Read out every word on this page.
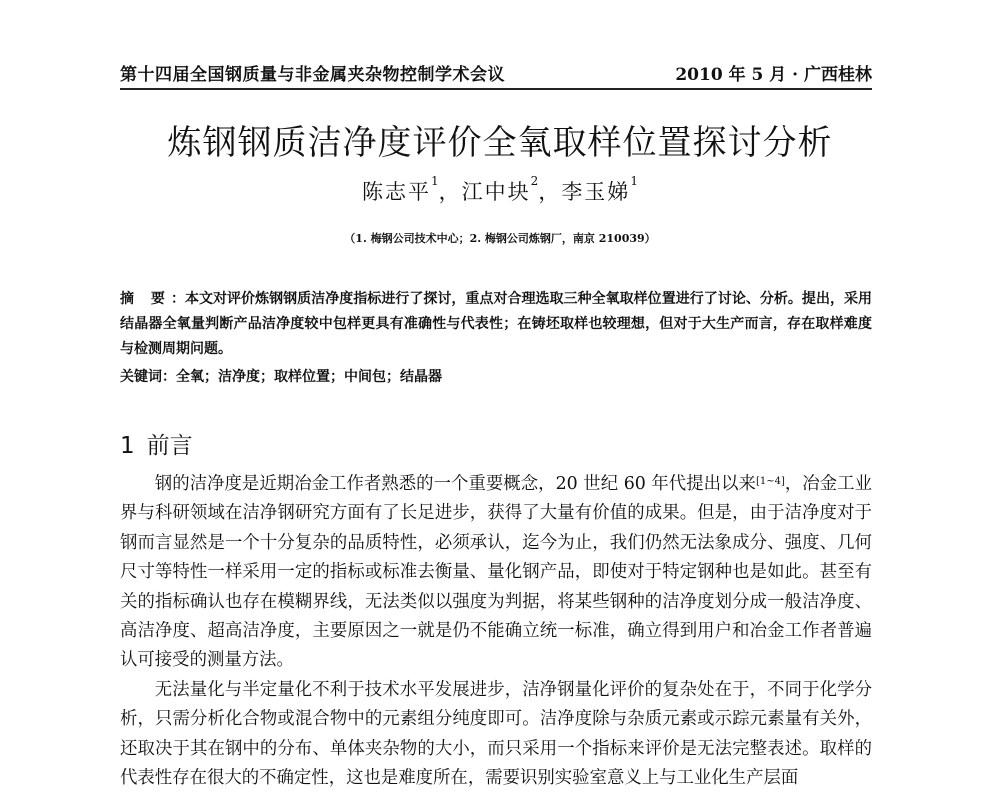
第十四届全国钢质量与非金属夹杂物控制学术会议	2010 年 5 月 · 广西桂林
炼钢钢质洁净度评价全氧取样位置探讨分析
陈志平$^1$，江中块$^2$，李玉娣$^1$
（1. 梅钢公司技术中心；2. 梅钢公司炼钢厂，南京 210039）
摘 要：本文对评价炼钢钢质洁净度指标进行了探讨，重点对合理选取三种全氧取样位置进行了讨论、分析。提出，采用结晶器全氧量判断产品洁净度较中包样更具有准确性与代表性；在铸坯取样也较理想，但对于大生产而言，存在取样难度与检测周期问题。
关键词：全氧；洁净度；取样位置；中间包；结晶器
1 前言

钢的洁净度是近期冶金工作者熟悉的一个重要概念，20 世纪 60 年代提出以来[1~4]，冶金工业界与科研领域在洁净钢研究方面有了长足进步，获得了大量有价值的成果。但是，由于洁净度对于钢而言显然是一个十分复杂的品质特性，必须承认，迄今为止，我们仍然无法象成分、强度、几何尺寸等特性一样采用一定的指标或标准去衡量、量化钢产品，即使对于特定钢种也是如此。甚至有关的指标确认也存在模糊界线，无法类似以强度为判据，将某些钢种的洁净度划分成一般洁净度、高洁净度、超高洁净度，主要原因之一就是仍不能确立统一标准，确立得到用户和冶金工作者普遍认可接受的测量方法。

无法量化与半定量化不利于技术水平发展进步，洁净钢量化评价的复杂处在于，不同于化学分析，只需分析化合物或混合物中的元素组分纯度即可。洁净度除与杂质元素或示踪元素量有关外，还取决于其在钢中的分布、单体夹杂物的大小，而只采用一个指标来评价是无法完整表述。取样的代表性存在很大的不确定性，这也是难度所在，需要识别实验室意义上与工业化生产层面
